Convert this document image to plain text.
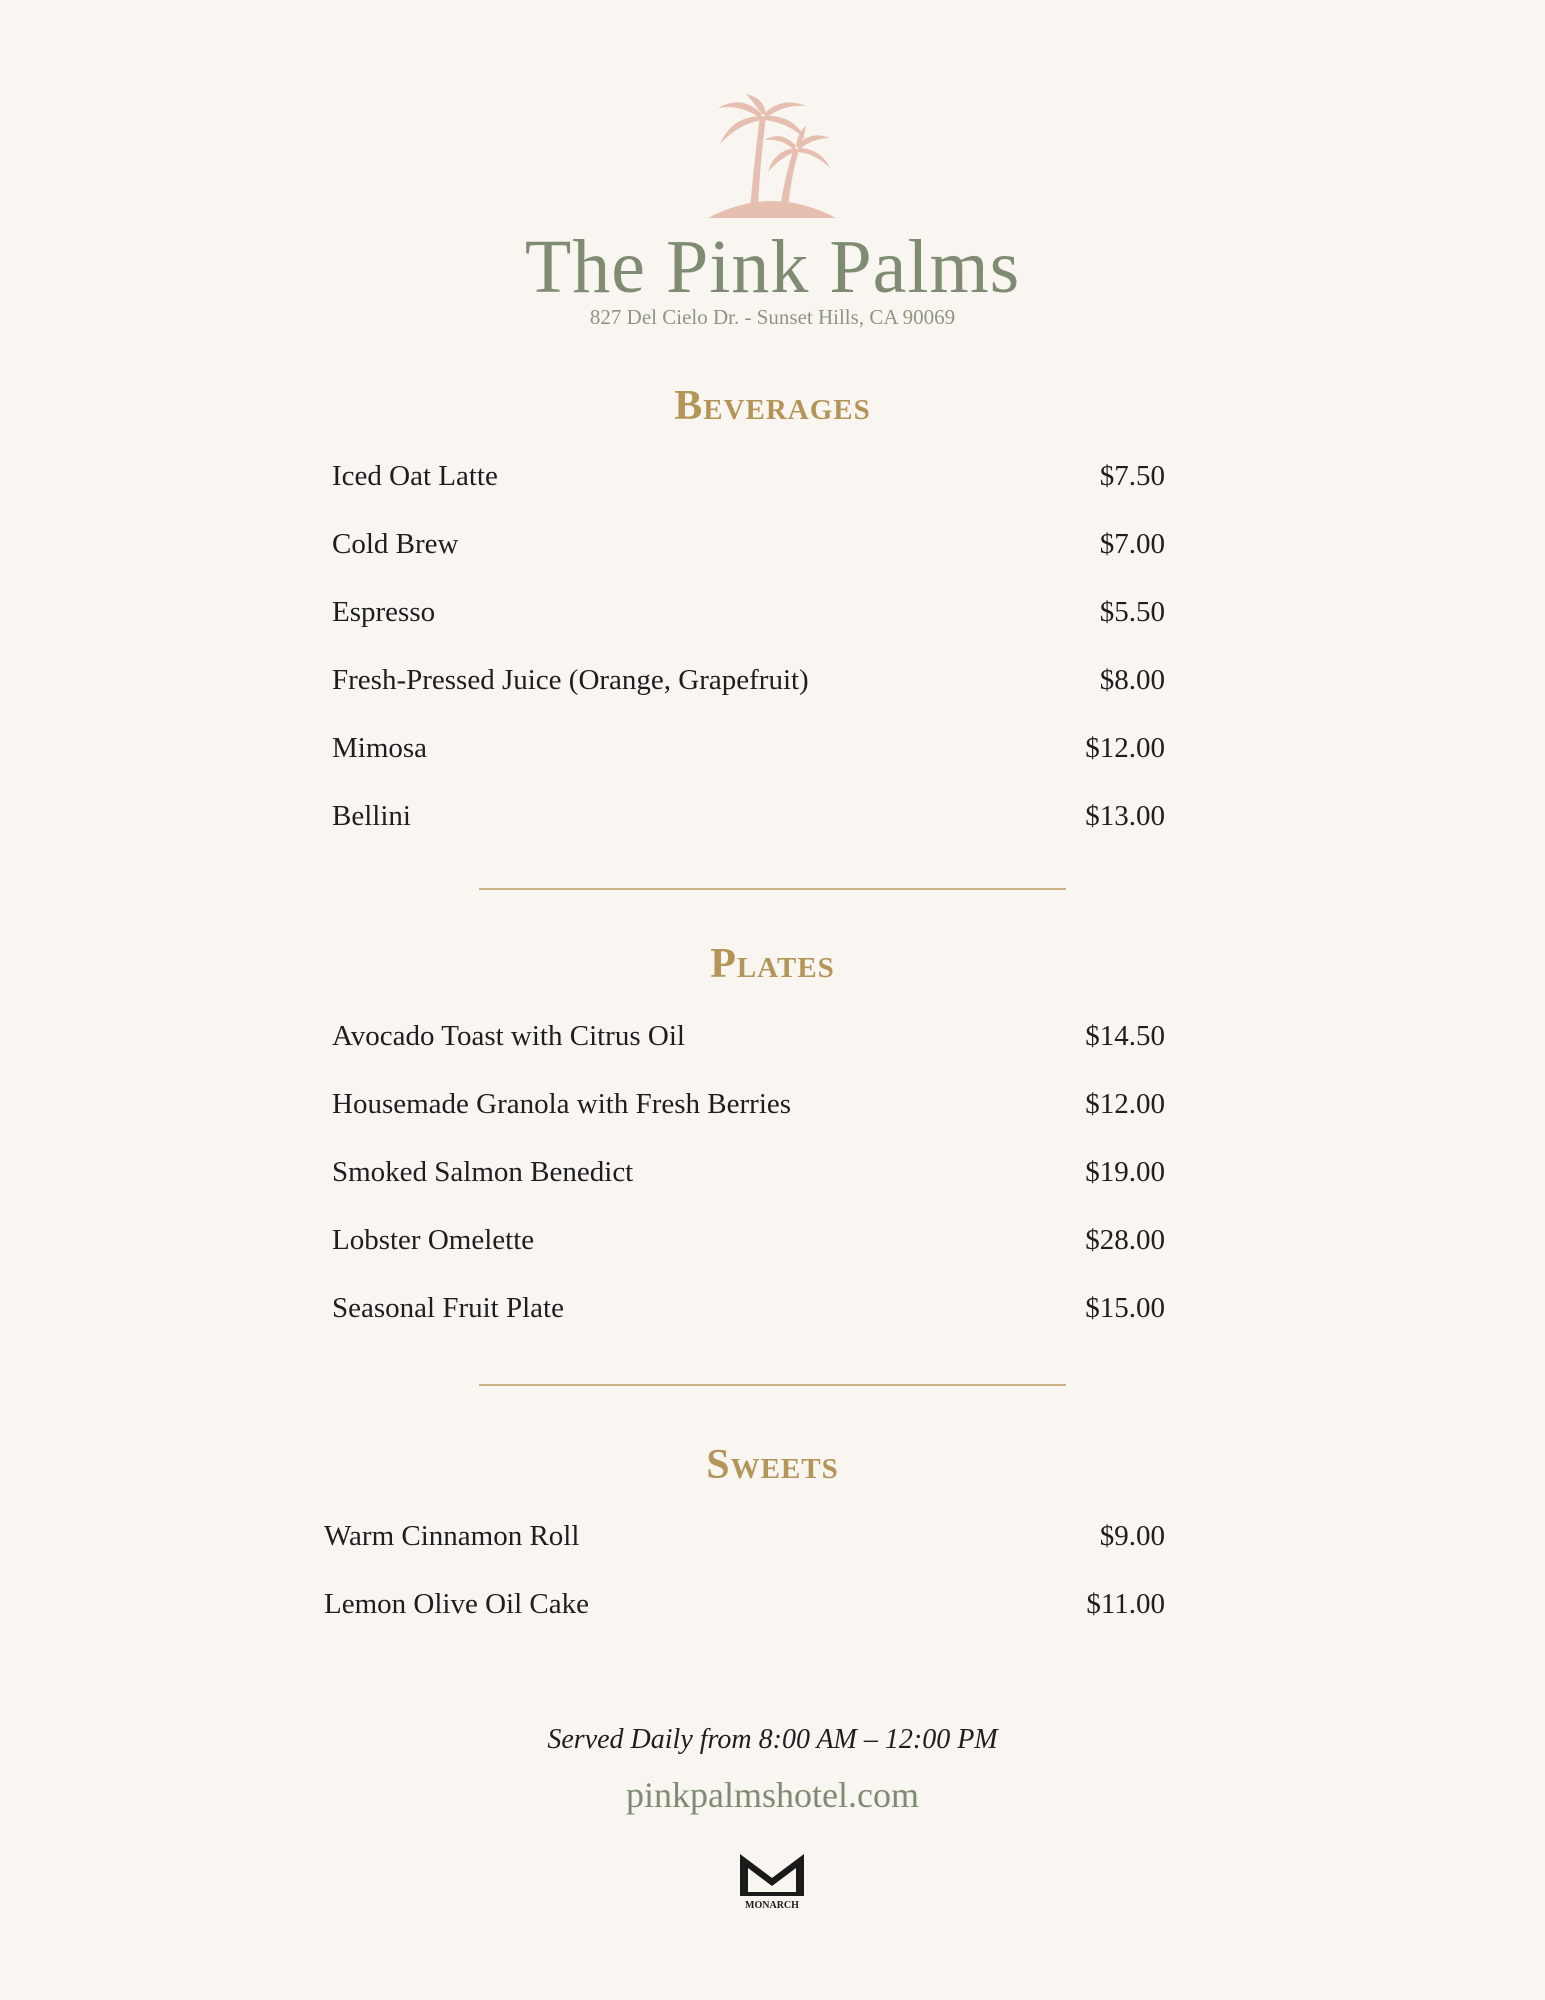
The Pink Palms
827 Del Cielo Dr. - Sunset Hills, CA 90069
Beverages
Iced Oat Latte	$7.50
Cold Brew	$7.00
Espresso	$5.50
Fresh-Pressed Juice (Orange, Grapefruit)	$8.00
Mimosa	$12.00
Bellini	$13.00
Plates
Avocado Toast with Citrus Oil	$14.50
Housemade Granola with Fresh Berries	$12.00
Smoked Salmon Benedict	$19.00
Lobster Omelette	$28.00
Seasonal Fruit Plate	$15.00
Sweets
Warm Cinnamon Roll	$9.00
Lemon Olive Oil Cake	$11.00
Served Daily from 8:00 AM – 12:00 PM
pinkpalmshotel.com
MONARCH
